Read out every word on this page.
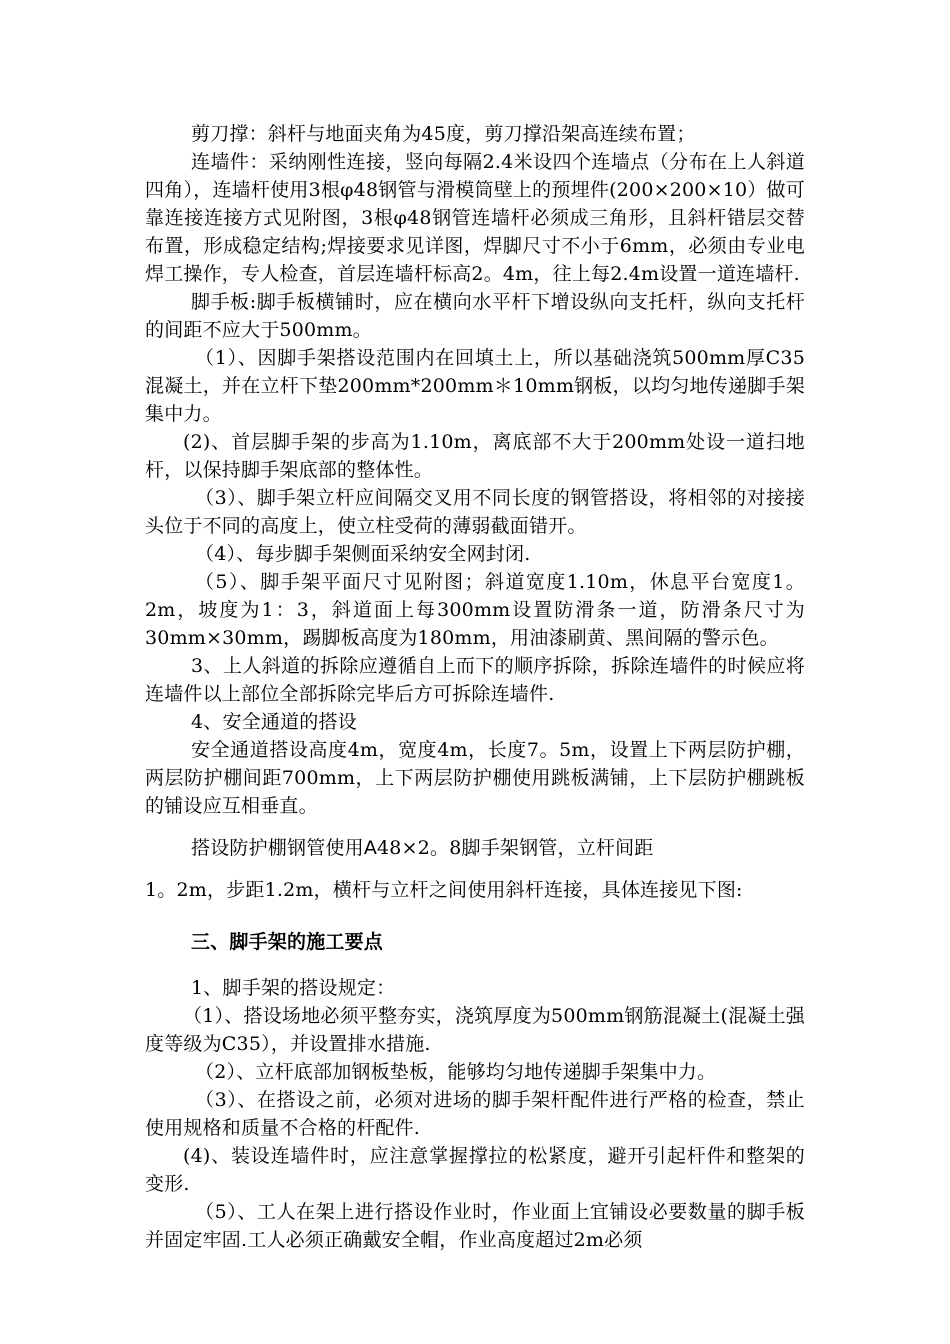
剪刀撑：斜杆与地面夹角为45度，剪刀撑沿架高连续布置；

连墙件：采纳刚性连接，竖向每隔2.4米设四个连墙点（分布在上人斜道四角），连墙杆使用3根φ48钢管与滑模筒壁上的预埋件(200×200×10）做可靠连接连接方式见附图，3根φ48钢管连墙杆必须成三角形，且斜杆错层交替布置，形成稳定结构;焊接要求见详图，焊脚尺寸不小于6mm，必须由专业电焊工操作，专人检查，首层连墙杆标高2。4m，往上每2.4m设置一道连墙杆.

脚手板:脚手板横铺时，应在横向水平杆下增设纵向支托杆，纵向支托杆的间距不应大于500mm。

（1）、因脚手架搭设范围内在回填土上，所以基础浇筑500mm厚C35混凝土，并在立杆下垫200mm*200mm＊10mm钢板，以均匀地传递脚手架集中力。

(2)、首层脚手架的步高为1.10m，离底部不大于200mm处设一道扫地杆，以保持脚手架底部的整体性。

（3）、脚手架立杆应间隔交叉用不同长度的钢管搭设，将相邻的对接接头位于不同的高度上，使立柱受荷的薄弱截面错开。

（4）、每步脚手架侧面采纳安全网封闭.

（5）、脚手架平面尺寸见附图；斜道宽度1.10m，休息平台宽度1。2m，坡度为1：3，斜道面上每300mm设置防滑条一道，防滑条尺寸为30mm×30mm，踢脚板高度为180mm，用油漆刷黄、黑间隔的警示色。

3、上人斜道的拆除应遵循自上而下的顺序拆除，拆除连墙件的时候应将连墙件以上部位全部拆除完毕后方可拆除连墙件.

4、安全通道的搭设

安全通道搭设高度4m，宽度4m，长度7。5m，设置上下两层防护棚，两层防护棚间距700mm，上下两层防护棚使用跳板满铺，上下层防护棚跳板的铺设应互相垂直。

搭设防护棚钢管使用A48×2。8脚手架钢管，立杆间距

1。2m，步距1.2m，横杆与立杆之间使用斜杆连接，具体连接见下图:

三、脚手架的施工要点

1、脚手架的搭设规定：

（1）、搭设场地必须平整夯实，浇筑厚度为500mm钢筋混凝土(混凝土强度等级为C35），并设置排水措施.

（2）、立杆底部加钢板垫板，能够均匀地传递脚手架集中力。

（3）、在搭设之前，必须对进场的脚手架杆配件进行严格的检查，禁止使用规格和质量不合格的杆配件.

(4)、装设连墙件时，应注意掌握撑拉的松紧度，避开引起杆件和整架的变形.

（5）、工人在架上进行搭设作业时，作业面上宜铺设必要数量的脚手板并固定牢固.工人必须正确戴安全帽，作业高度超过2m必须
